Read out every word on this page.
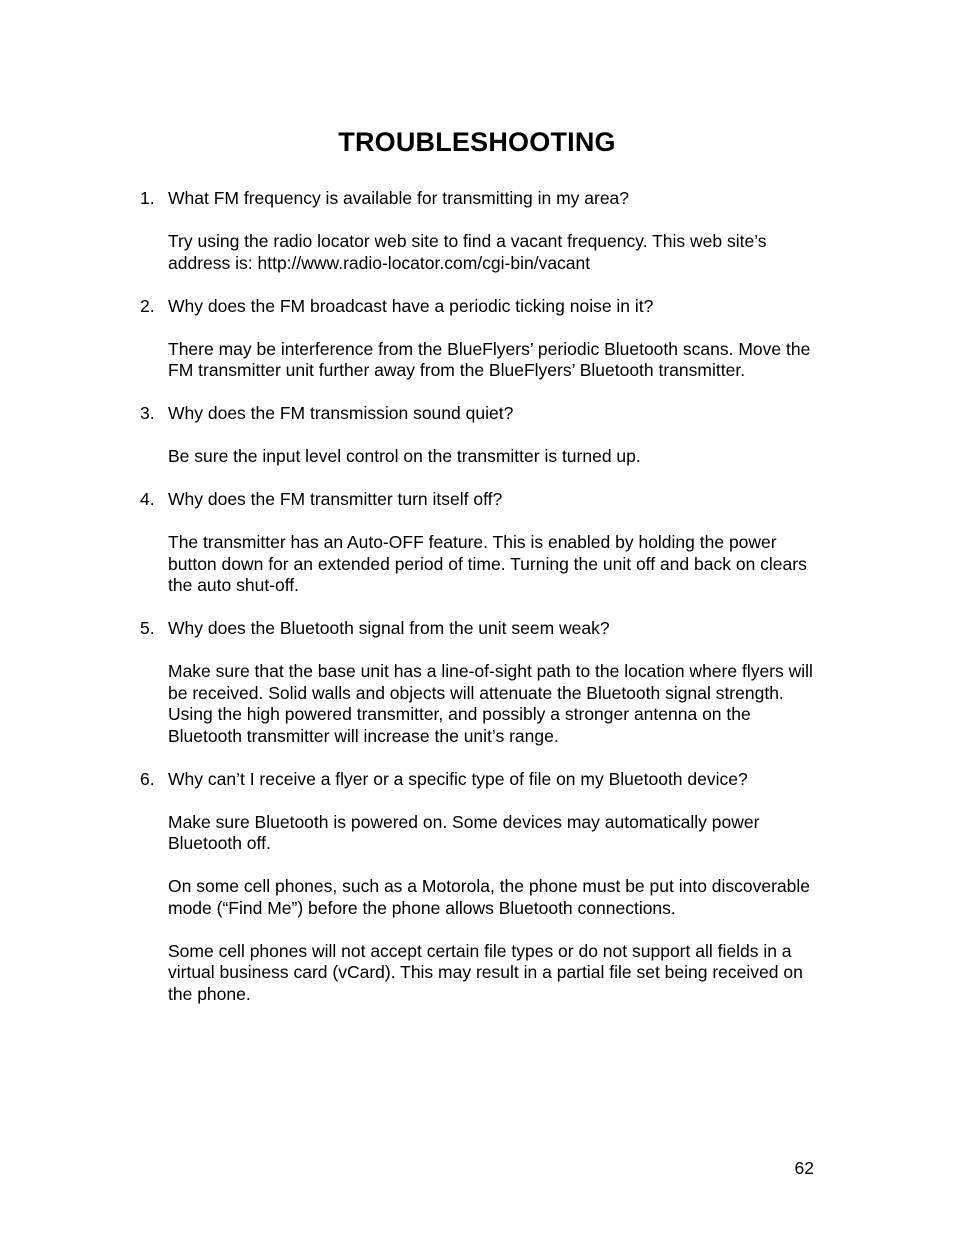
TROUBLESHOOTING
1. What FM frequency is available for transmitting in my area?

Try using the radio locator web site to find a vacant frequency. This web site’s address is: http://www.radio-locator.com/cgi-bin/vacant

2. Why does the FM broadcast have a periodic ticking noise in it?

There may be interference from the BlueFlyers’ periodic Bluetooth scans. Move the FM transmitter unit further away from the BlueFlyers’ Bluetooth transmitter.

3. Why does the FM transmission sound quiet?

Be sure the input level control on the transmitter is turned up.

4. Why does the FM transmitter turn itself off?

The transmitter has an Auto-OFF feature. This is enabled by holding the power button down for an extended period of time. Turning the unit off and back on clears the auto shut-off.

5. Why does the Bluetooth signal from the unit seem weak?

Make sure that the base unit has a line-of-sight path to the location where flyers will be received. Solid walls and objects will attenuate the Bluetooth signal strength. Using the high powered transmitter, and possibly a stronger antenna on the Bluetooth transmitter will increase the unit’s range.

6. Why can’t I receive a flyer or a specific type of file on my Bluetooth device?

Make sure Bluetooth is powered on. Some devices may automatically power Bluetooth off.

On some cell phones, such as a Motorola, the phone must be put into discoverable mode (“Find Me”) before the phone allows Bluetooth connections.

Some cell phones will not accept certain file types or do not support all fields in a virtual business card (vCard). This may result in a partial file set being received on the phone.

62
